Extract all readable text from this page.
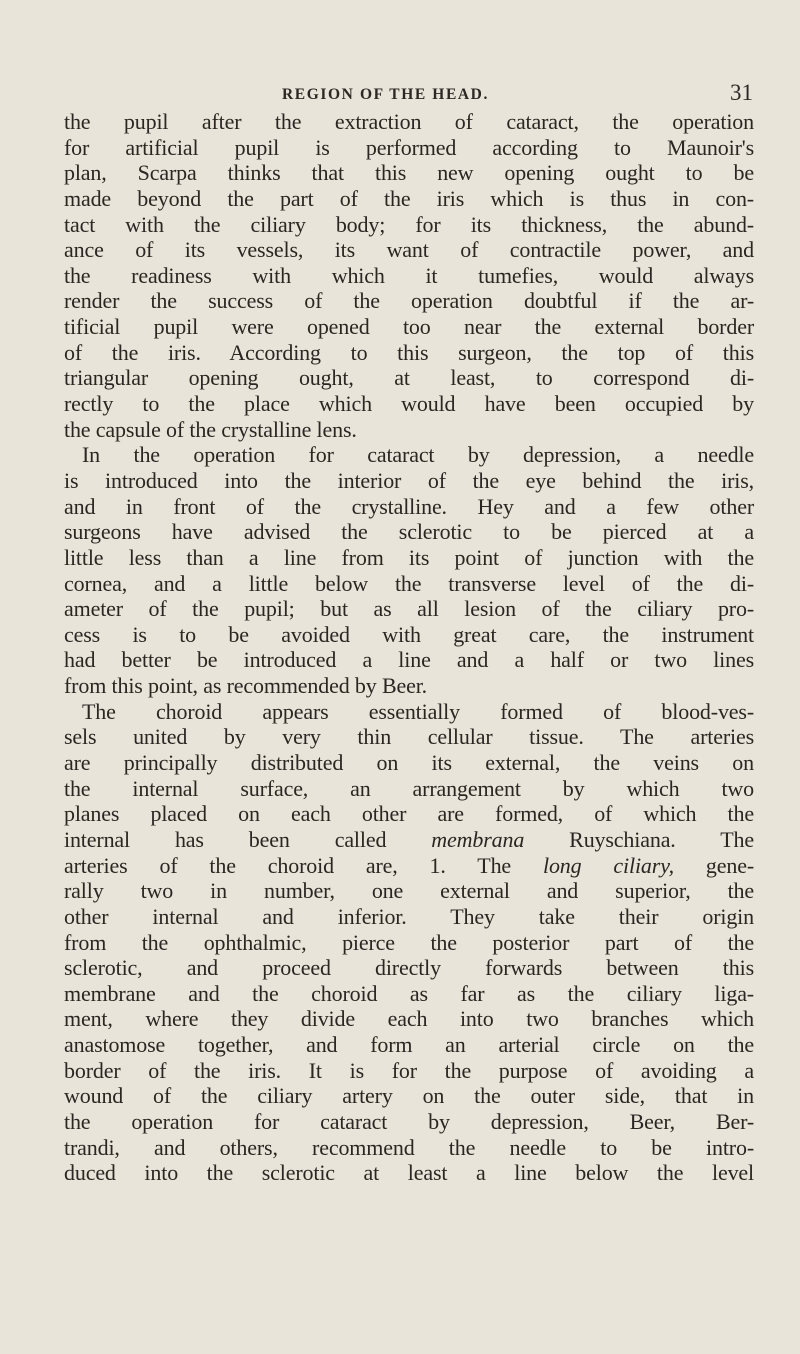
REGION OF THE HEAD.	31
the pupil after the extraction of cataract, the operation
for artificial pupil is performed according to Maunoir's
plan, Scarpa thinks that this new opening ought to be
made beyond the part of the iris which is thus in con-
tact with the ciliary body; for its thickness, the abund-
ance of its vessels, its want of contractile power, and
the readiness with which it tumefies, would always
render the success of the operation doubtful if the ar-
tificial pupil were opened too near the external border
of the iris. According to this surgeon, the top of this
triangular opening ought, at least, to correspond di-
rectly to the place which would have been occupied by
the capsule of the crystalline lens.
In the operation for cataract by depression, a needle
is introduced into the interior of the eye behind the iris,
and in front of the crystalline. Hey and a few other
surgeons have advised the sclerotic to be pierced at a
little less than a line from its point of junction with the
cornea, and a little below the transverse level of the di-
ameter of the pupil; but as all lesion of the ciliary pro-
cess is to be avoided with great care, the instrument
had better be introduced a line and a half or two lines
from this point, as recommended by Beer.
The choroid appears essentially formed of blood-ves-
sels united by very thin cellular tissue. The arteries
are principally distributed on its external, the veins on
the internal surface, an arrangement by which two
planes placed on each other are formed, of which the
internal has been called membrana Ruyschiana. The
arteries of the choroid are, 1. The long ciliary, gene-
rally two in number, one external and superior, the
other internal and inferior. They take their origin
from the ophthalmic, pierce the posterior part of the
sclerotic, and proceed directly forwards between this
membrane and the choroid as far as the ciliary liga-
ment, where they divide each into two branches which
anastomose together, and form an arterial circle on the
border of the iris. It is for the purpose of avoiding a
wound of the ciliary artery on the outer side, that in
the operation for cataract by depression, Beer, Ber-
trandi, and others, recommend the needle to be intro-
duced into the sclerotic at least a line below the level
